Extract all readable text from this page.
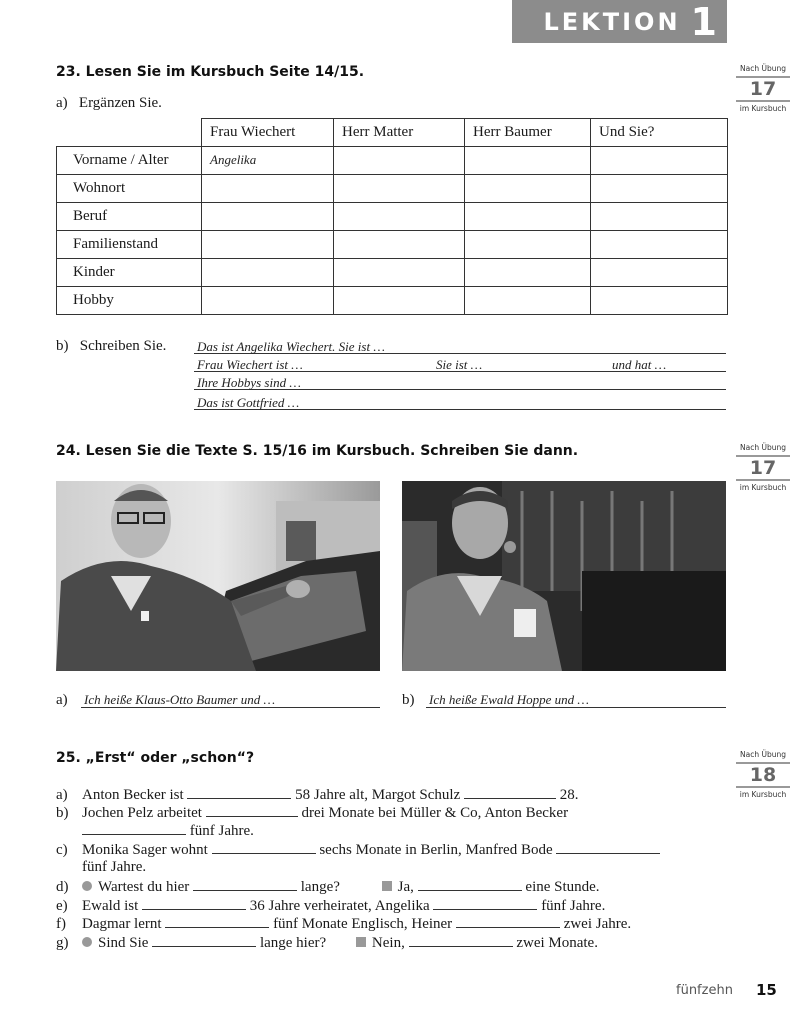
LEKTION 1
Nach Übung
17
im Kursbuch
Nach Übung
17
im Kursbuch
Nach Übung
18
im Kursbuch
23. Lesen Sie im Kursbuch Seite 14/15.
a)   Ergänzen Sie.
	Frau Wiechert	Herr Matter	Herr Baumer	Und Sie?
Vorname / Alter	Angelika			
Wohnort				
Beruf				
Familienstand				
Kinder				
Hobby				
b)   Schreiben Sie. Das ist Angelika Wiechert. Sie ist …
Frau Wiechert ist …	Sie ist …	und hat …
Ihre Hobbys sind …
Das ist Gottfried …
24. Lesen Sie die Texte S. 15/16 im Kursbuch. Schreiben Sie dann.
a) Ich heiße Klaus-Otto Baumer und …	b) Ich heiße Ewald Hoppe und …
25. „Erst“ oder „schon“?
a) Anton Becker ist	58 Jahre alt, Margot Schulz	28.
b) Jochen Pelz arbeitet	drei Monate bei Müller & Co, Anton Becker
fünf Jahre.
c) Monika Sager wohnt	sechs Monate in Berlin, Manfred Bode
fünf Jahre.
d) Wartest du hier	lange?	Ja,	eine Stunde.
e) Ewald ist	36 Jahre verheiratet, Angelika	fünf Jahre.
f) Dagmar lernt	fünf Monate Englisch, Heiner	zwei Jahre.
g) Sind Sie	lange hier?	Nein,	zwei Monate.
fünfzehn 15
